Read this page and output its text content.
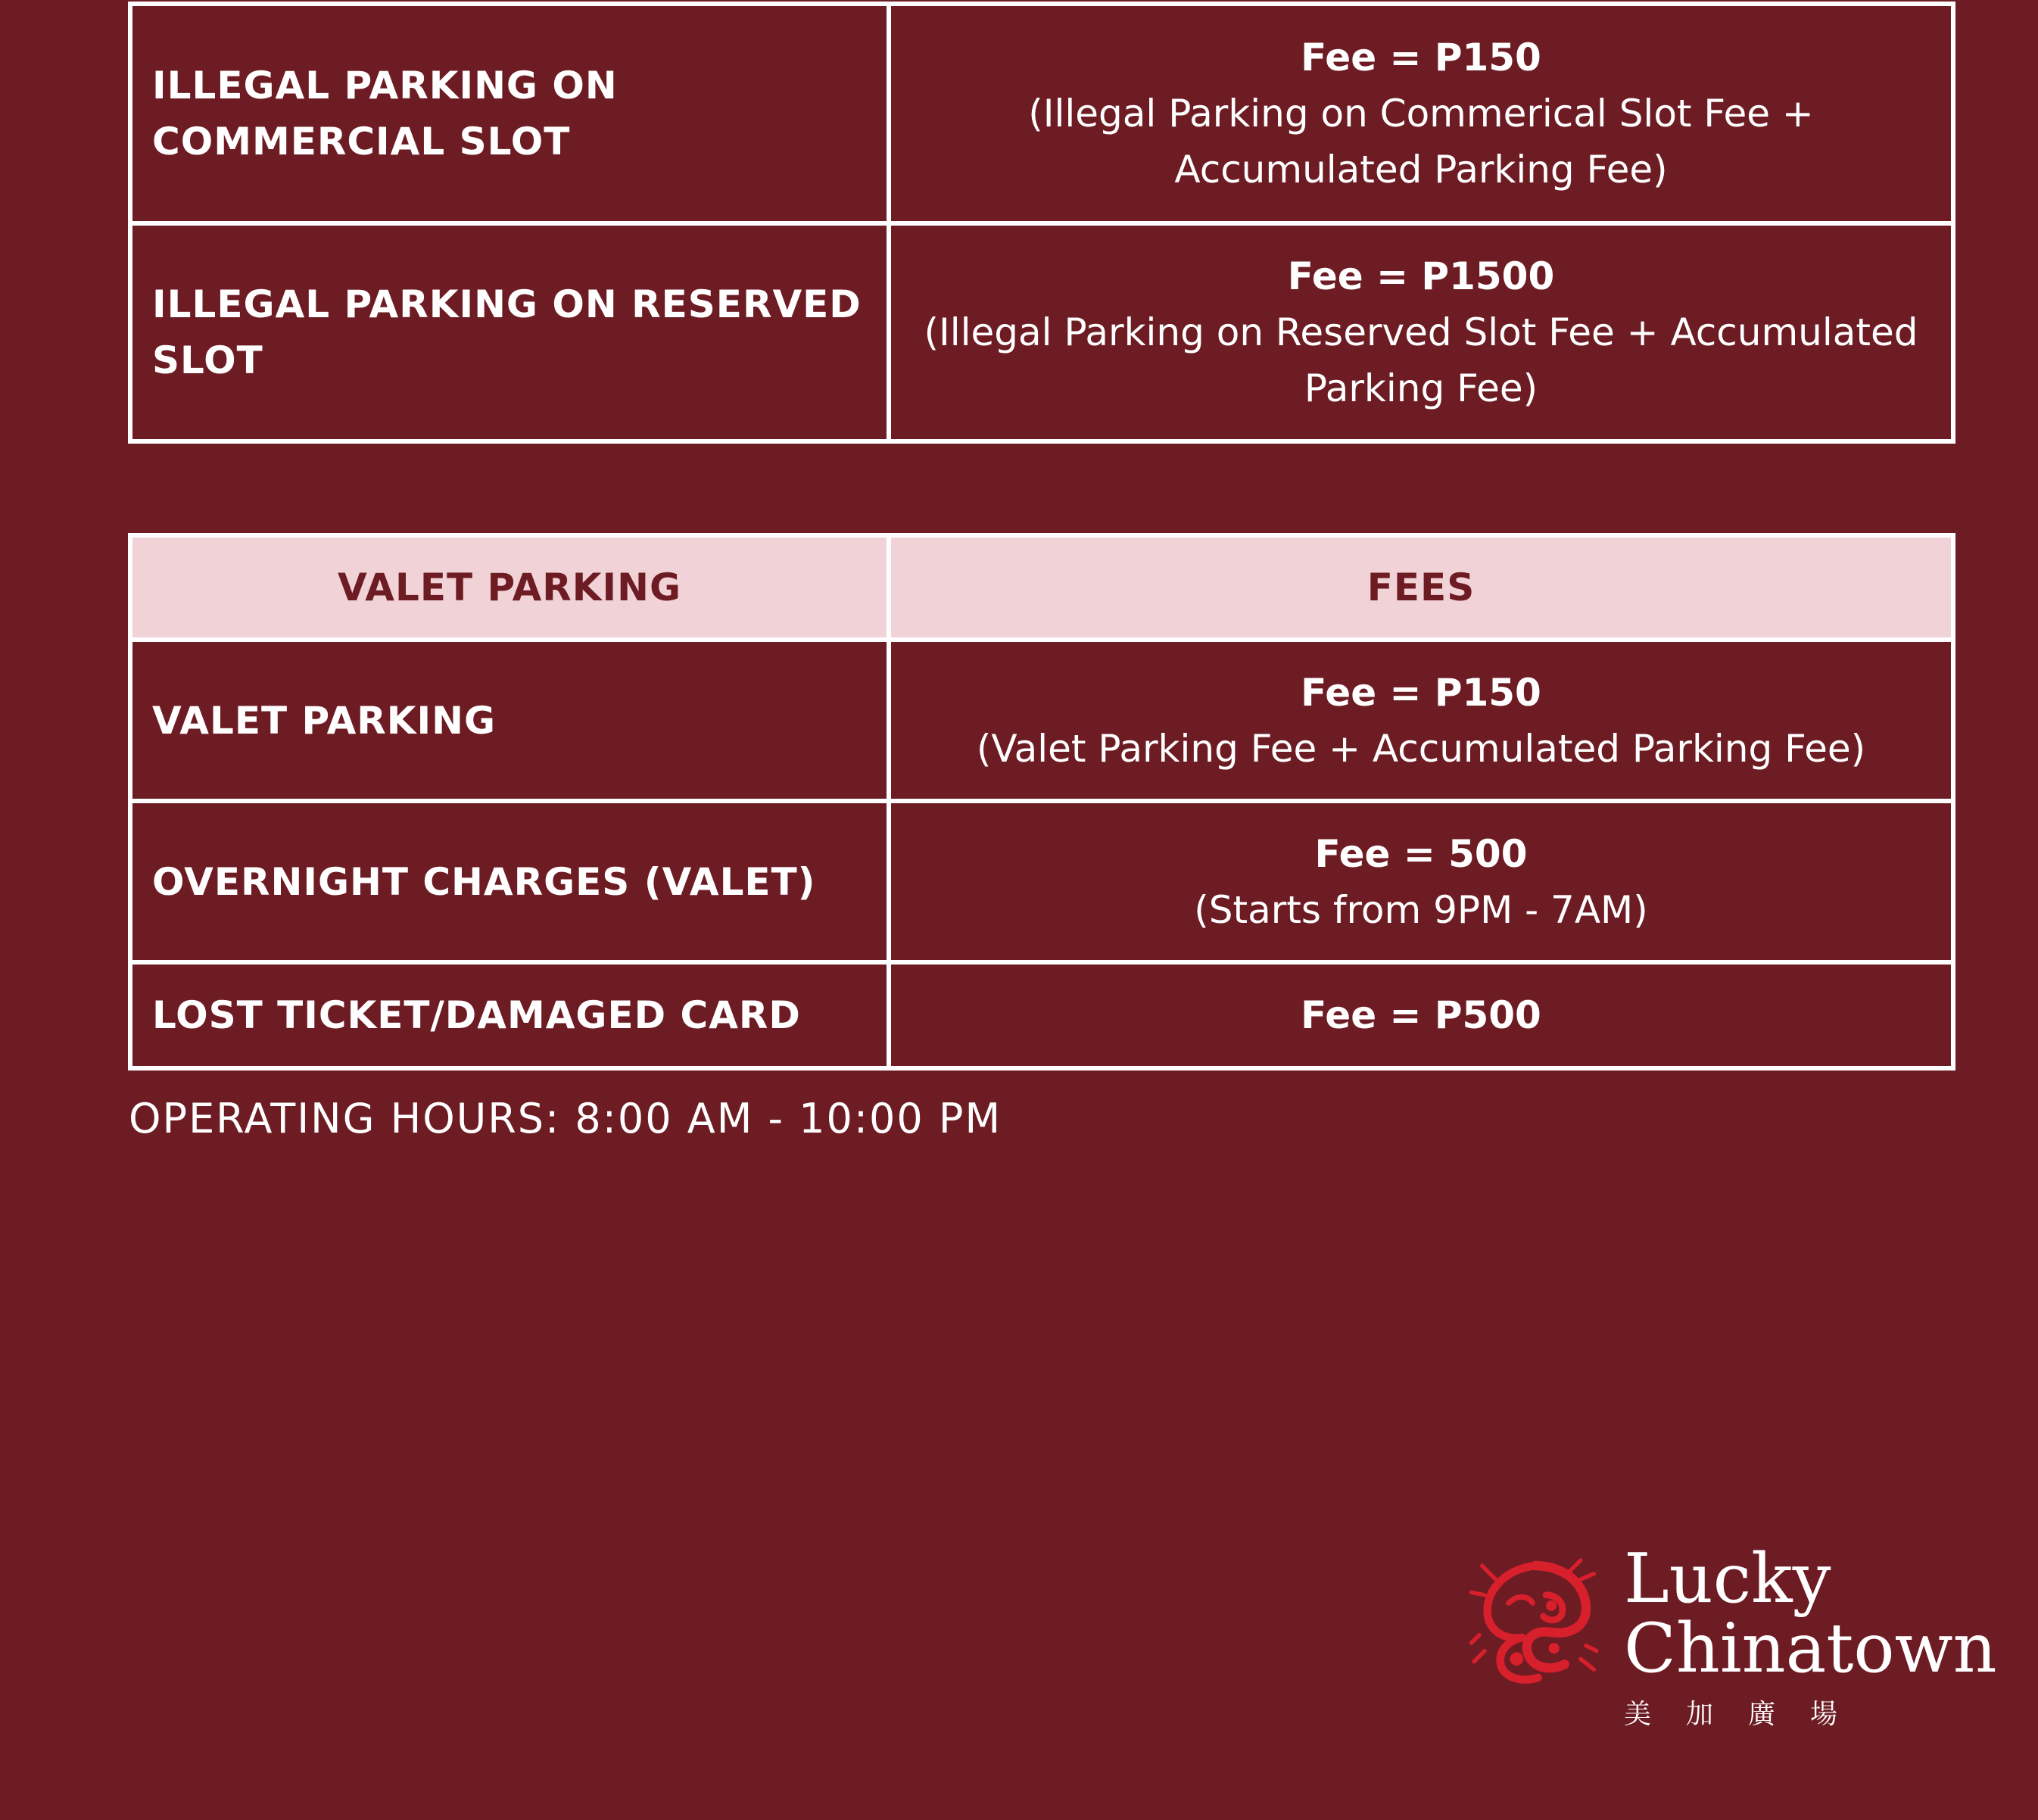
ILLEGAL PARKING ON COMMERCIAL SLOT	Fee = P150
(Illegal Parking on Commerical Slot Fee + Accumulated Parking Fee)

ILLEGAL PARKING ON RESERVED SLOT	Fee = P1500
(Illegal Parking on Reserved Slot Fee + Accumulated Parking Fee)
VALET PARKING	FEES
VALET PARKING	Fee = P150
(Valet Parking Fee + Accumulated Parking Fee)

OVERNIGHT CHARGES (VALET)	Fee = 500
(Starts from 9PM - 7AM)

LOST TICKET/DAMAGED CARD	Fee = P500
OPERATING HOURS: 8:00 AM - 10:00 PM
Lucky
Chinatown
美加廣場
